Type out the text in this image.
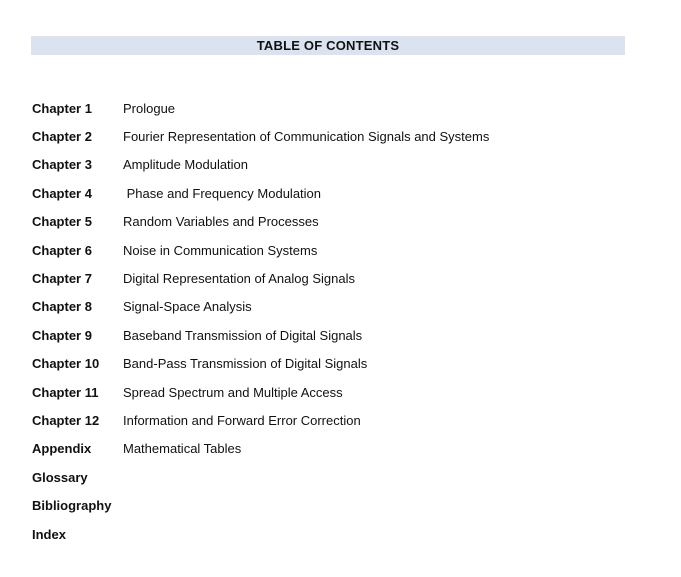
TABLE OF CONTENTS
Chapter 1	Prologue
Chapter 2	Fourier Representation of Communication Signals and Systems
Chapter 3	Amplitude Modulation
Chapter 4	Phase and Frequency Modulation
Chapter 5	Random Variables and Processes
Chapter 6	Noise in Communication Systems
Chapter 7	Digital Representation of Analog Signals
Chapter 8	Signal-Space Analysis
Chapter 9	Baseband Transmission of Digital Signals
Chapter 10	Band-Pass Transmission of Digital Signals
Chapter 11	Spread Spectrum and Multiple Access
Chapter 12	Information and Forward Error Correction
Appendix	Mathematical Tables
Glossary
Bibliography
Index
